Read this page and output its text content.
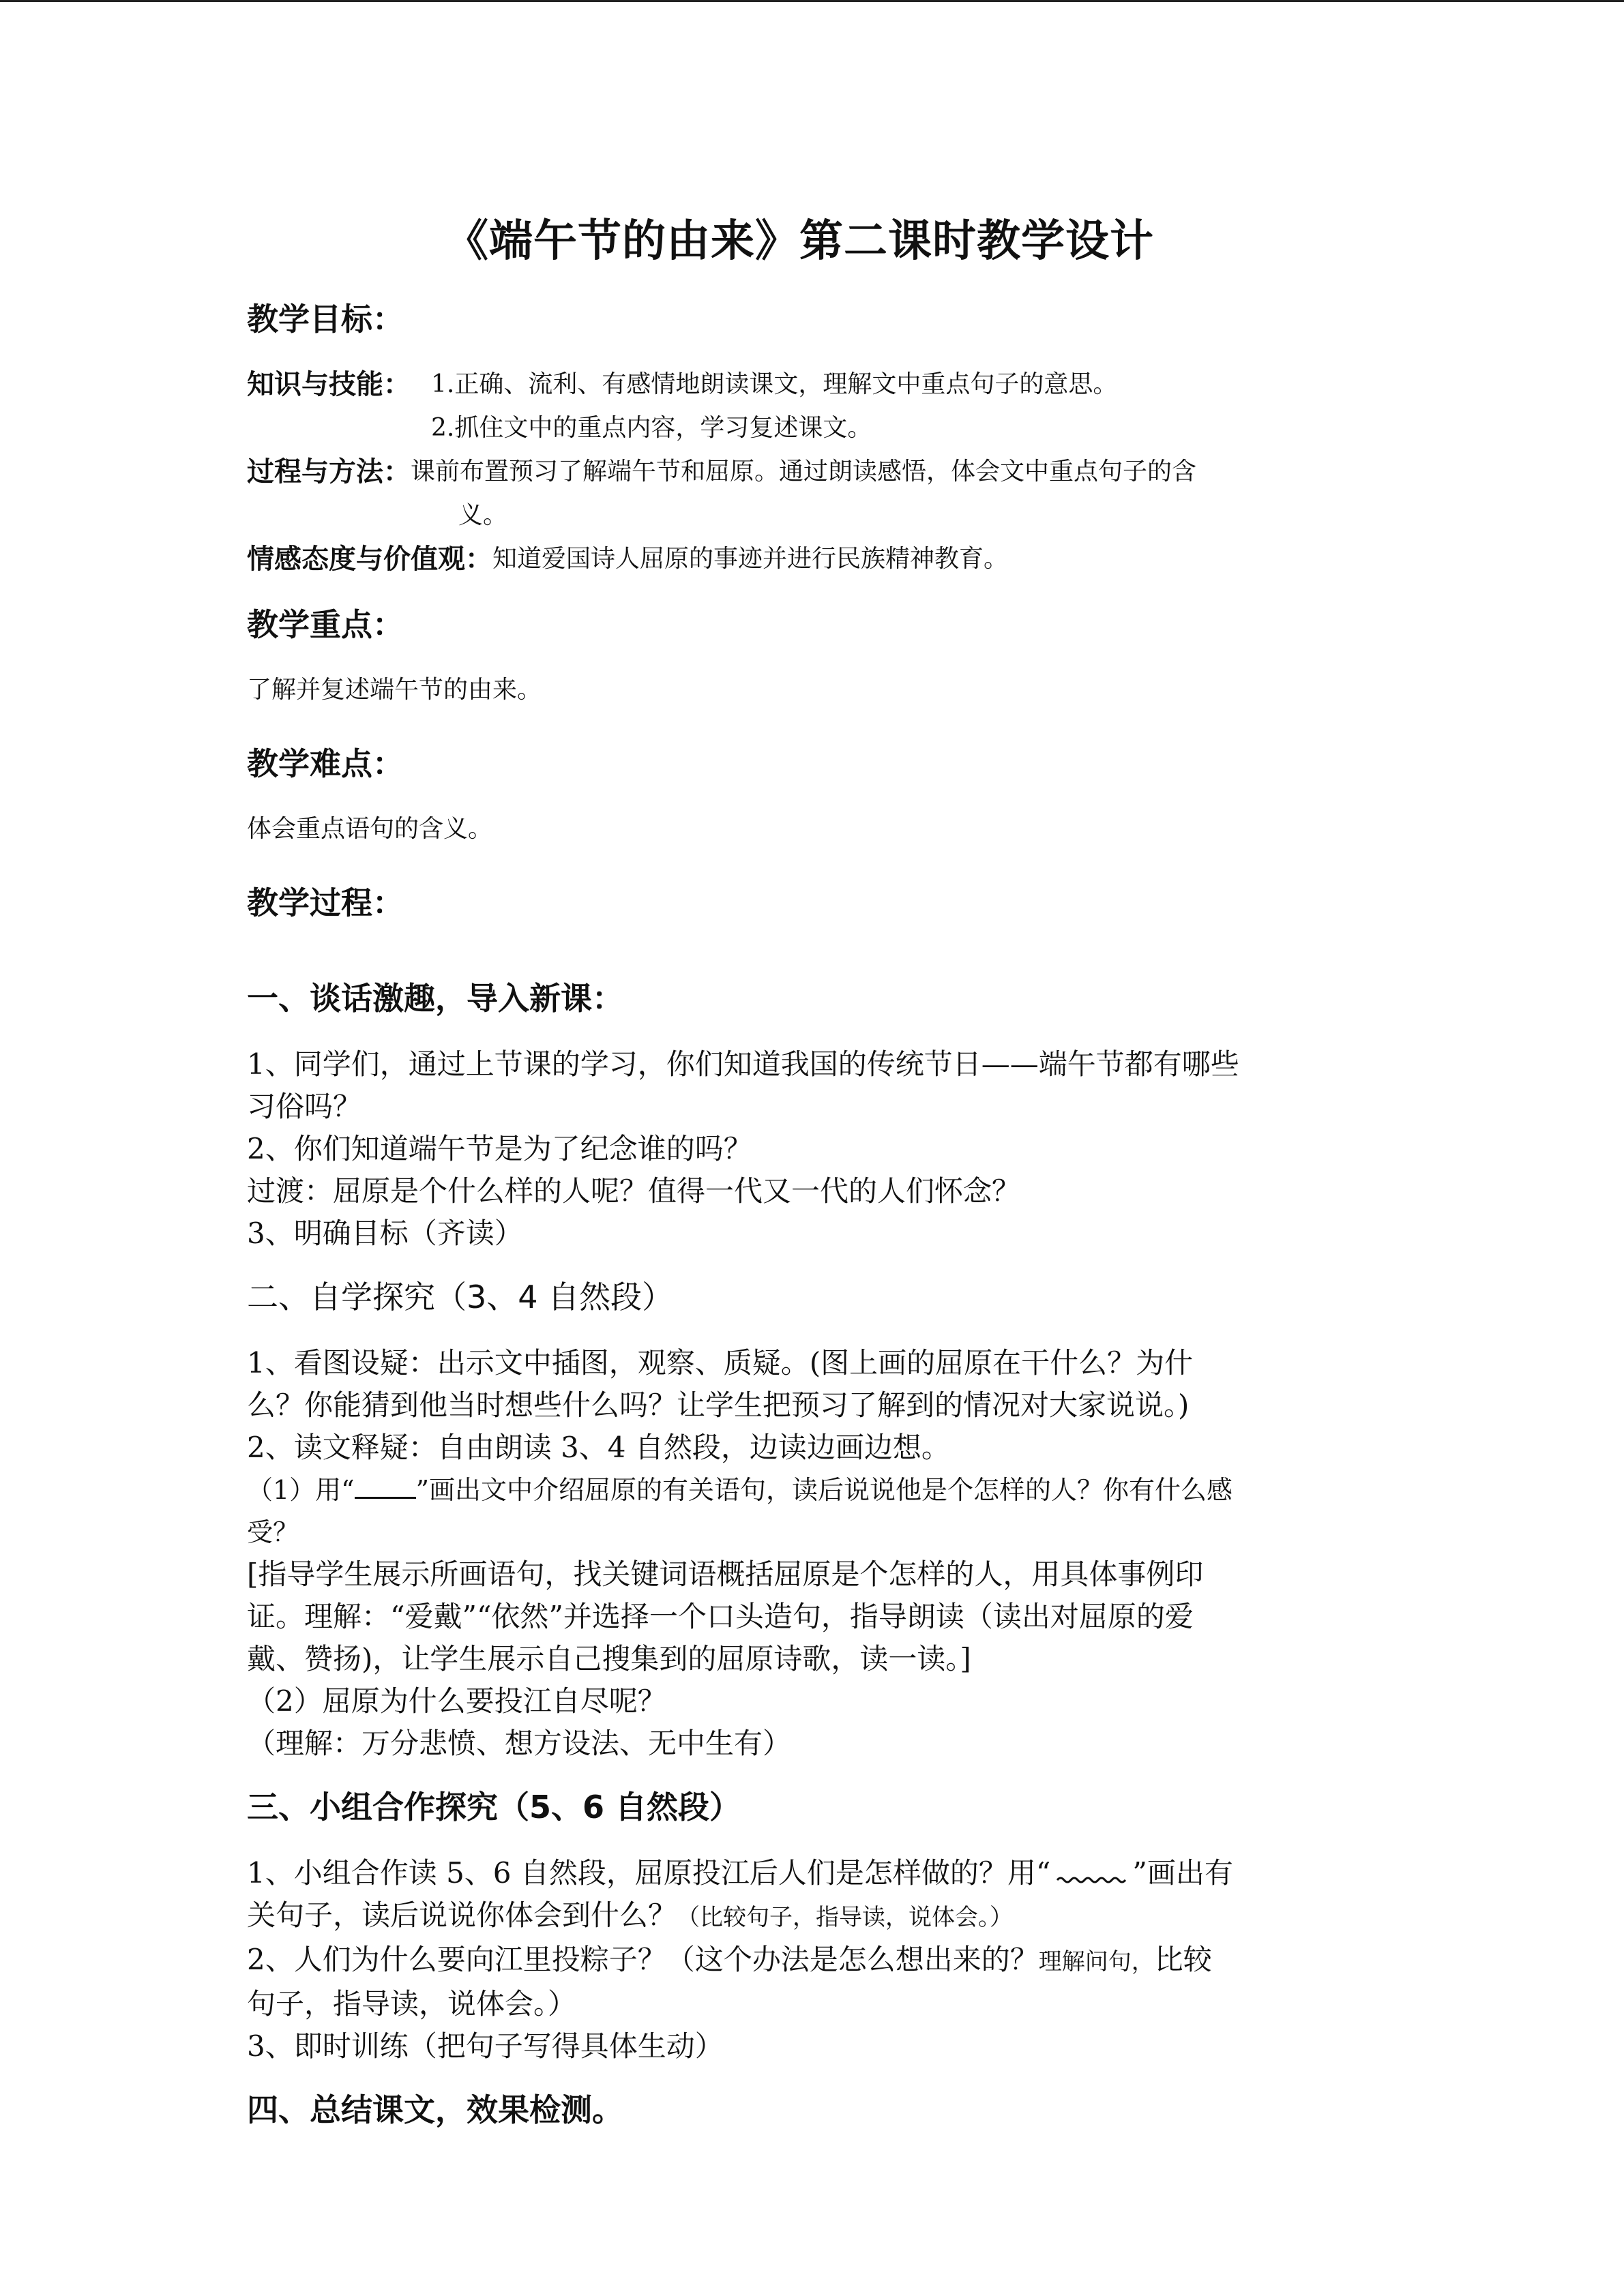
《端午节的由来》第二课时教学设计
教学目标：
知识与技能： 1.正确、流利、有感情地朗读课文，理解文中重点句子的意思。
2.抓住文中的重点内容，学习复述课文。
过程与方法： 课前布置预习了解端午节和屈原。通过朗读感悟，体会文中重点句子的含
义。
情感态度与价值观： 知道爱国诗人屈原的事迹并进行民族精神教育。
教学重点：
了解并复述端午节的由来。
教学难点：
体会重点语句的含义。
教学过程：
一、谈话激趣，导入新课：

1、同学们，通过上节课的学习，你们知道我国的传统节日——端午节都有哪些

习俗吗？

2、你们知道端午节是为了纪念谁的吗？

过渡：屈原是个什么样的人呢？值得一代又一代的人们怀念？

3、明确目标（齐读）

二、自学探究（3、4 自然段）

1、看图设疑：出示文中插图，观察、质疑。(图上画的屈原在干什么？为什

么？你能猜到他当时想些什么吗？让学生把预习了解到的情况对大家说说。)

2、读文释疑：自由朗读 3、4 自然段，边读边画边想。

（1）用“ ”画出文中介绍屈原的有关语句，读后说说他是个怎样的人？你有什么感

受？

[指导学生展示所画语句，找关键词语概括屈原是个怎样的人，用具体事例印

证。理解：“爱戴”“依然”并选择一个口头造句，指导朗读（读出对屈原的爱

戴、赞扬)，让学生展示自己搜集到的屈原诗歌，读一读。]

（2）屈原为什么要投江自尽呢？

（理解：万分悲愤、想方设法、无中生有）

三、小组合作探究（5、6 自然段）

1、小组合作读 5、6 自然段，屈原投江后人们是怎样做的？用“	”画出有

关句子，读后说说你体会到什么？（比较句子，指导读，说体会。）

2、人们为什么要向江里投粽子？（这个办法是怎么想出来的？理解问句，比较

句子，指导读，说体会。）

3、即时训练（把句子写得具体生动）

四、总结课文，效果检测。
